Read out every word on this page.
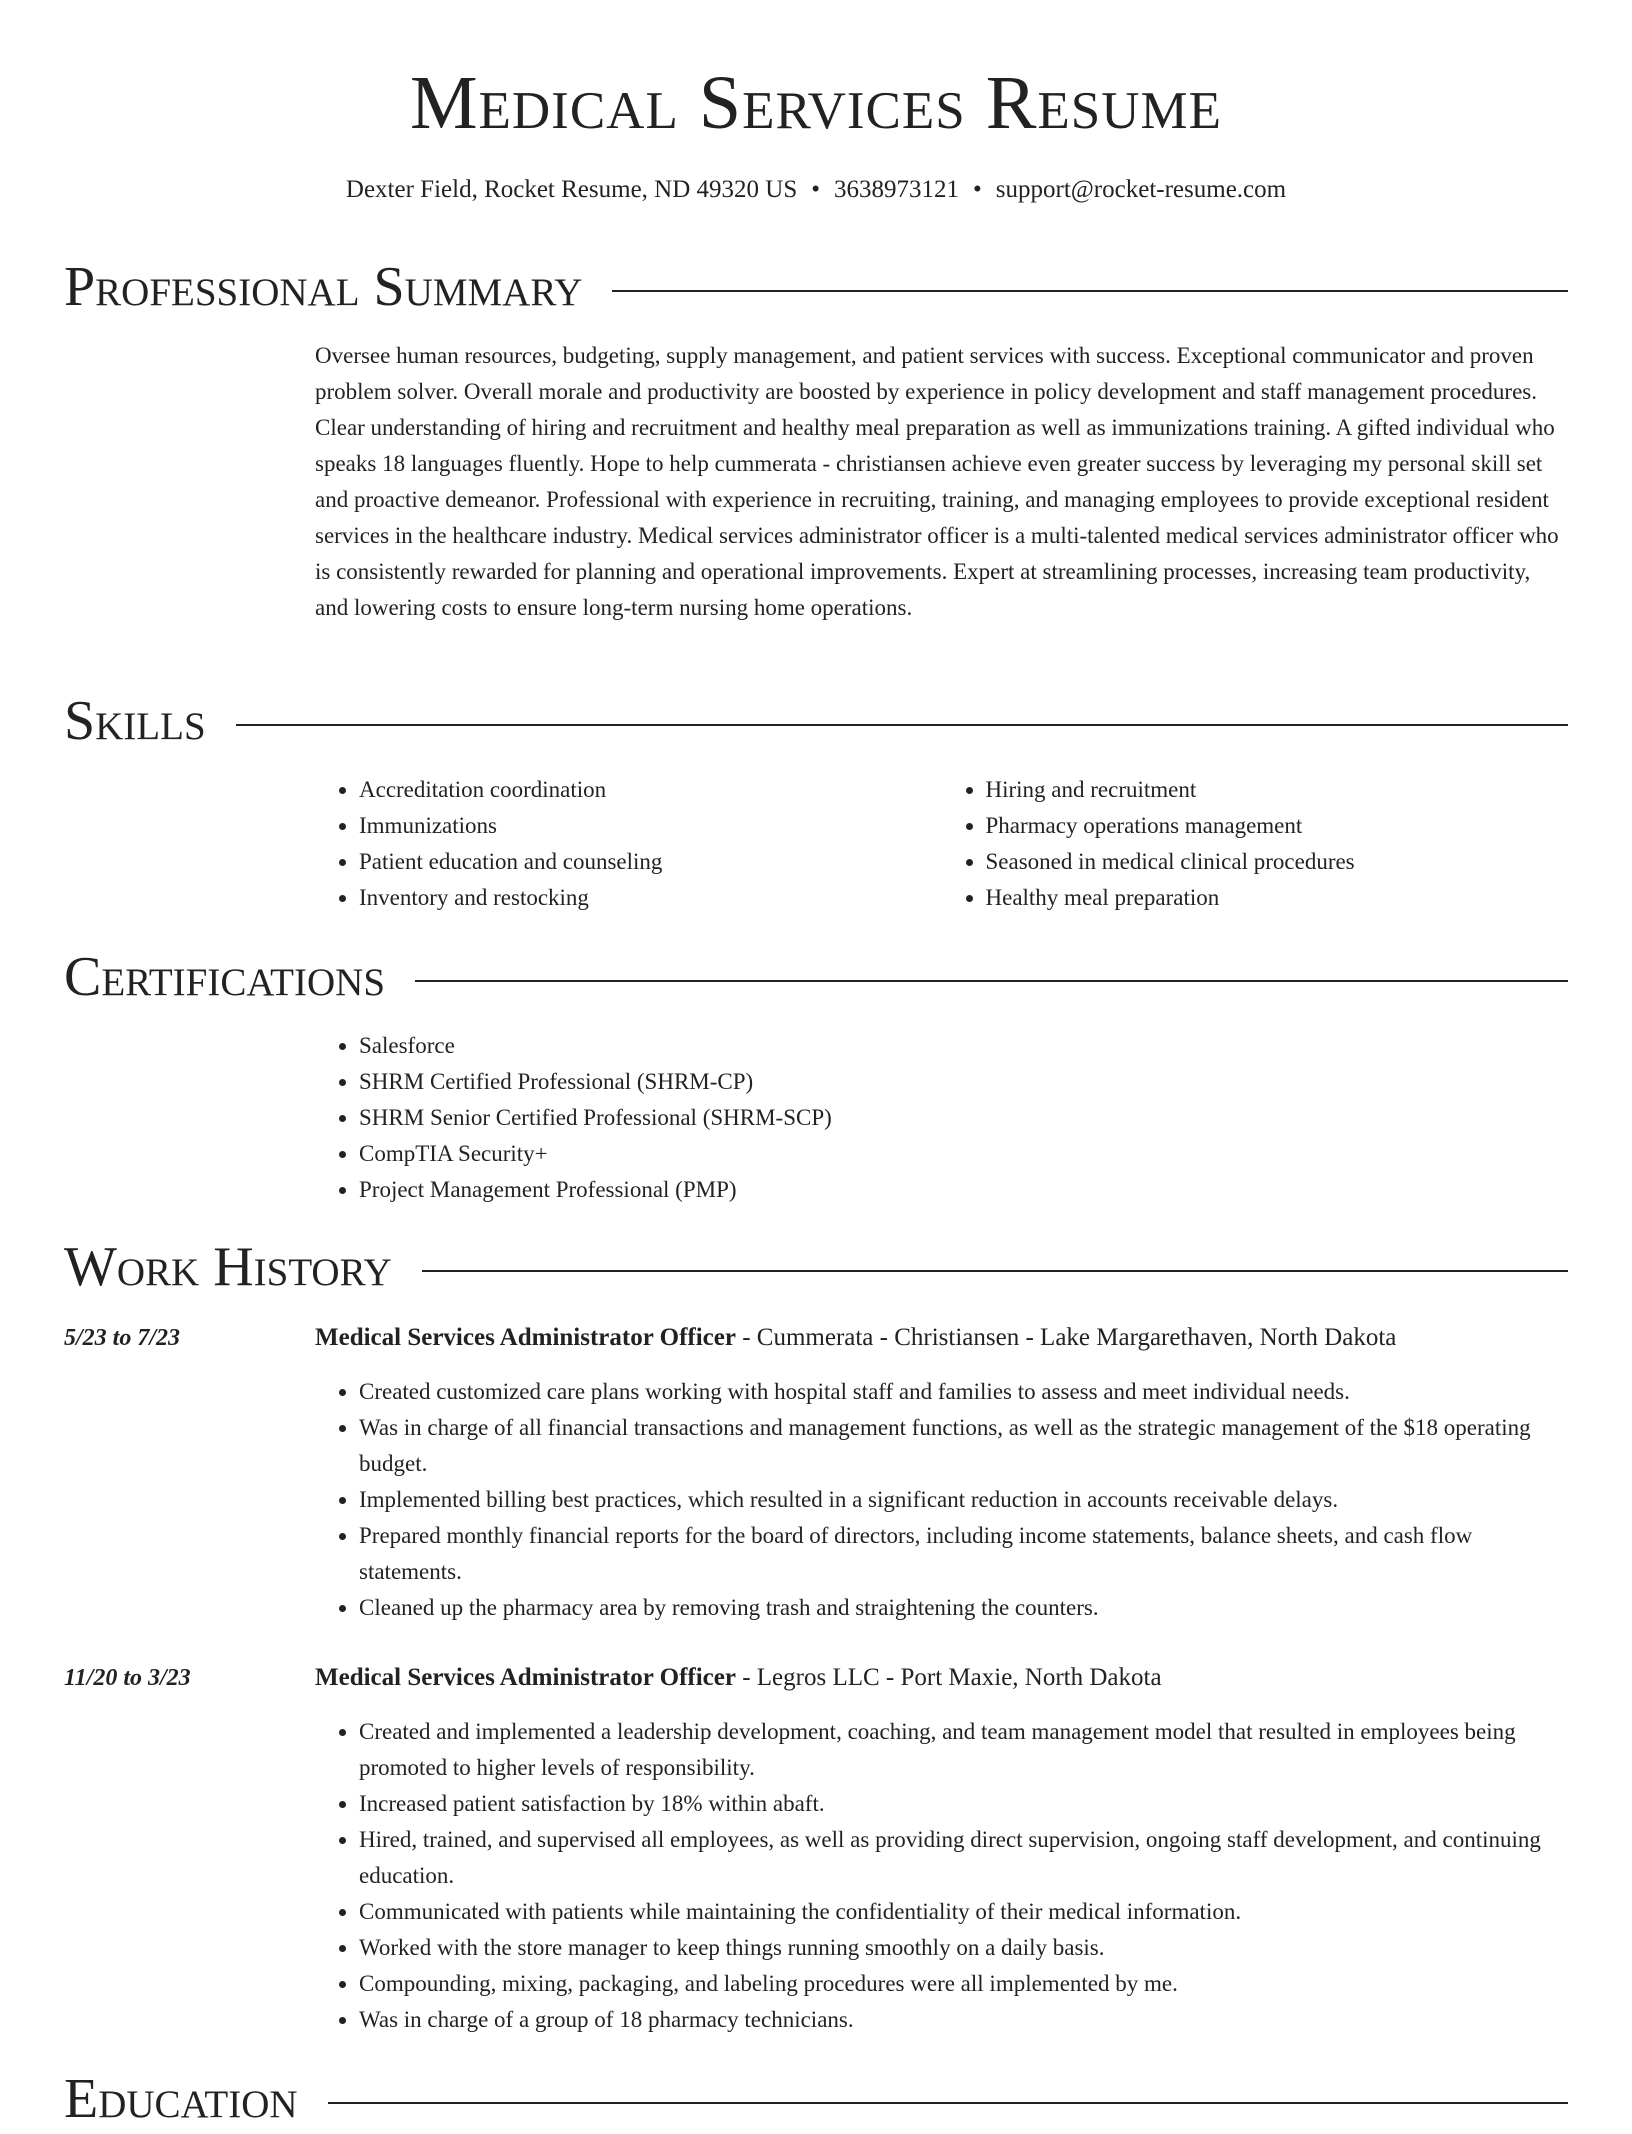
Medical Services Resume
Dexter Field, Rocket Resume, ND 49320 US • 3638973121 • support@rocket-resume.com
Professional Summary
Oversee human resources, budgeting, supply management, and patient services with success. Exceptional communicator and proven problem solver. Overall morale and productivity are boosted by experience in policy development and staff management procedures. Clear understanding of hiring and recruitment and healthy meal preparation as well as immunizations training. A gifted individual who speaks 18 languages fluently. Hope to help cummerata - christiansen achieve even greater success by leveraging my personal skill set and proactive demeanor. Professional with experience in recruiting, training, and managing employees to provide exceptional resident services in the healthcare industry. Medical services administrator officer is a multi-talented medical services administrator officer who is consistently rewarded for planning and operational improvements. Expert at streamlining processes, increasing team productivity, and lowering costs to ensure long-term nursing home operations.
Skills
• Accreditation coordination
• Immunizations
• Patient education and counseling
• Inventory and restocking
• Hiring and recruitment
• Pharmacy operations management
• Seasoned in medical clinical procedures
• Healthy meal preparation
Certifications
• Salesforce
• SHRM Certified Professional (SHRM-CP)
• SHRM Senior Certified Professional (SHRM-SCP)
• CompTIA Security+
• Project Management Professional (PMP)
Work History
5/23 to 7/23	Medical Services Administrator Officer - Cummerata - Christiansen - Lake Margarethaven, North Dakota
• Created customized care plans working with hospital staff and families to assess and meet individual needs.
• Was in charge of all financial transactions and management functions, as well as the strategic management of the $18 operating budget.
• Implemented billing best practices, which resulted in a significant reduction in accounts receivable delays.
• Prepared monthly financial reports for the board of directors, including income statements, balance sheets, and cash flow statements.
• Cleaned up the pharmacy area by removing trash and straightening the counters.
11/20 to 3/23	Medical Services Administrator Officer - Legros LLC - Port Maxie, North Dakota
• Created and implemented a leadership development, coaching, and team management model that resulted in employees being promoted to higher levels of responsibility.
• Increased patient satisfaction by 18% within abaft.
• Hired, trained, and supervised all employees, as well as providing direct supervision, ongoing staff development, and continuing education.
• Communicated with patients while maintaining the confidentiality of their medical information.
• Worked with the store manager to keep things running smoothly on a daily basis.
• Compounding, mixing, packaging, and labeling procedures were all implemented by me.
• Was in charge of a group of 18 pharmacy technicians.
Education
